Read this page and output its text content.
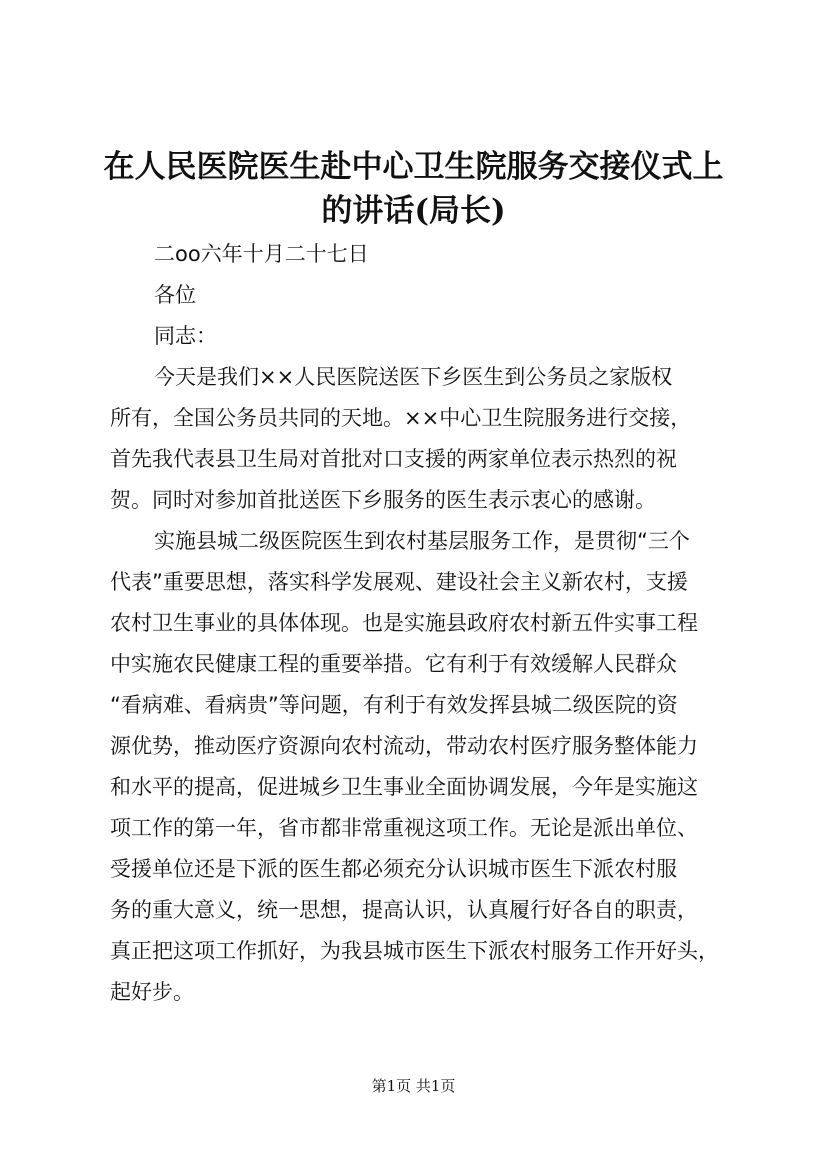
在人民医院医生赴中心卫生院服务交接仪式上
的讲话(局长)
二oo六年十月二十七日
各位
同志：
今天是我们××人民医院送医下乡医生到公务员之家版权
所有，全国公务员共同的天地。××中心卫生院服务进行交接，
首先我代表县卫生局对首批对口支援的两家单位表示热烈的祝
贺。同时对参加首批送医下乡服务的医生表示衷心的感谢。
实施县城二级医院医生到农村基层服务工作，是贯彻“三个
代表”重要思想，落实科学发展观、建设社会主义新农村，支援
农村卫生事业的具体体现。也是实施县政府农村新五件实事工程
中实施农民健康工程的重要举措。它有利于有效缓解人民群众
“看病难、看病贵”等问题，有利于有效发挥县城二级医院的资
源优势，推动医疗资源向农村流动，带动农村医疗服务整体能力
和水平的提高，促进城乡卫生事业全面协调发展，今年是实施这
项工作的第一年，省市都非常重视这项工作。无论是派出单位、
受援单位还是下派的医生都必须充分认识城市医生下派农村服
务的重大意义，统一思想，提高认识，认真履行好各自的职责，
真正把这项工作抓好，为我县城市医生下派农村服务工作开好头，
起好步。
第1页 共1页
